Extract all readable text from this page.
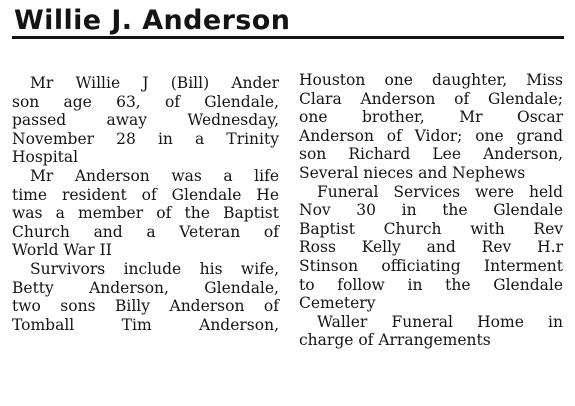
Willie J. Anderson
Mr Willie J (Bill) Ander
son age 63, of Glendale,
passed away Wednesday,
November 28 in a Trinity
Hospital
Mr Anderson was a life
time resident of Glendale He
was a member of the Baptist
Church and a Veteran of
World War II
Survivors include his wife,
Betty Anderson, Glendale,
two sons Billy Anderson of
Tomball Tim Anderson,
Houston one daughter, Miss
Clara Anderson of Glendale;
one brother, Mr Oscar
Anderson of Vidor; one grand
son Richard Lee Anderson,
Several nieces and Nephews
Funeral Services were held
Nov 30 in the Glendale
Baptist Church with Rev
Ross Kelly and Rev H.r
Stinson officiating Interment
to follow in the Glendale
Cemetery
Waller Funeral Home in
charge of Arrangements
